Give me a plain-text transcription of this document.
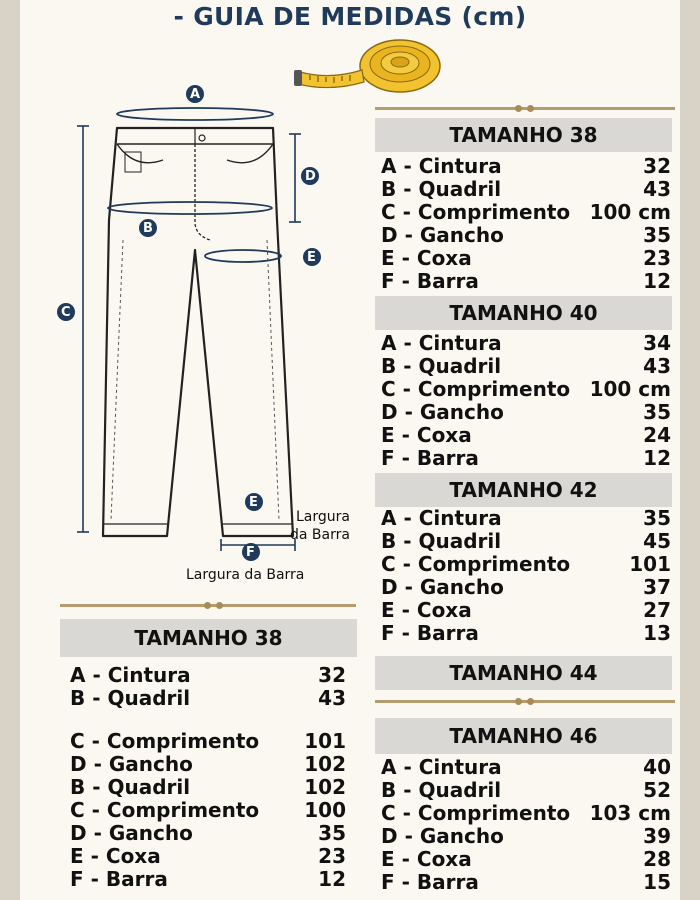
- GUIA DE MEDIDAS (cm)
A
B
C
D
E
F
E
Largura
da Barra
Largura da Barra
TAMANHO 38
A - Cintura	32
B - Quadril	43
C - Comprimento 101
D - Gancho	102
B - Quadril	102
C - Comprimento 100
D - Gancho	35
E - Coxa	23
F - Barra	12
TAMANHO 38
A - Cintura	32
B - Quadril	43
C - Comprimento 100 cm
D - Gancho	35
E - Coxa	23
F - Barra	12
TAMANHO 40
A - Cintura	34
B - Quadril	43
C - Comprimento 100 cm
D - Gancho	35
E - Coxa	24
F - Barra	12
TAMANHO 42
A - Cintura	35
B - Quadril	45
C - Comprimento	101
D - Gancho	37
E - Coxa	27
F - Barra	13
TAMANHO 44
TAMANHO 46
A - Cintura	40
B - Quadril	52
C - Comprimento 103 cm
D - Gancho	39
E - Coxa	28
F - Barra	15
